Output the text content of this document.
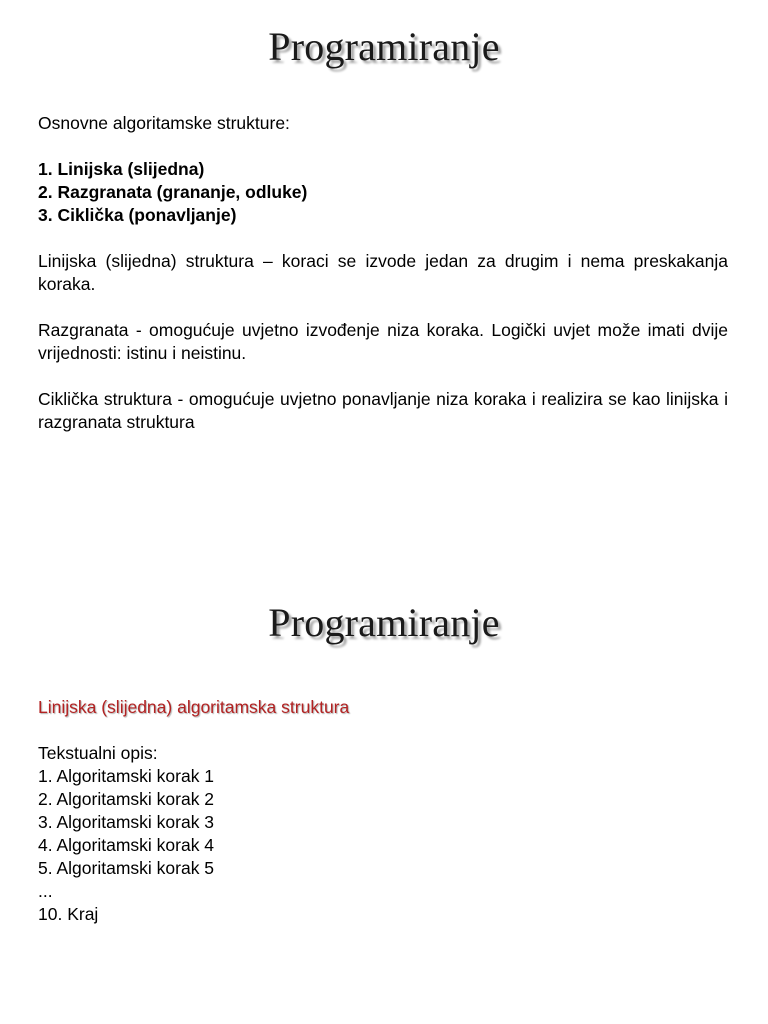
Programiranje
Osnovne algoritamske strukture:
1. Linijska (slijedna)
2. Razgranata (grananje, odluke)
3. Ciklička (ponavljanje)
Linijska (slijedna) struktura – koraci se izvode jedan za drugim i nema preskakanja koraka.
Razgranata - omogućuje uvjetno izvođenje niza koraka. Logički uvjet može imati dvije vrijednosti: istinu i neistinu.
Ciklička struktura - omogućuje uvjetno ponavljanje niza koraka i realizira se kao linijska i razgranata struktura
Programiranje
Linijska (slijedna) algoritamska struktura
Tekstualni opis:
1. Algoritamski korak 1
2. Algoritamski korak 2
3. Algoritamski korak 3
4. Algoritamski korak 4
5. Algoritamski korak 5
...
10. Kraj
